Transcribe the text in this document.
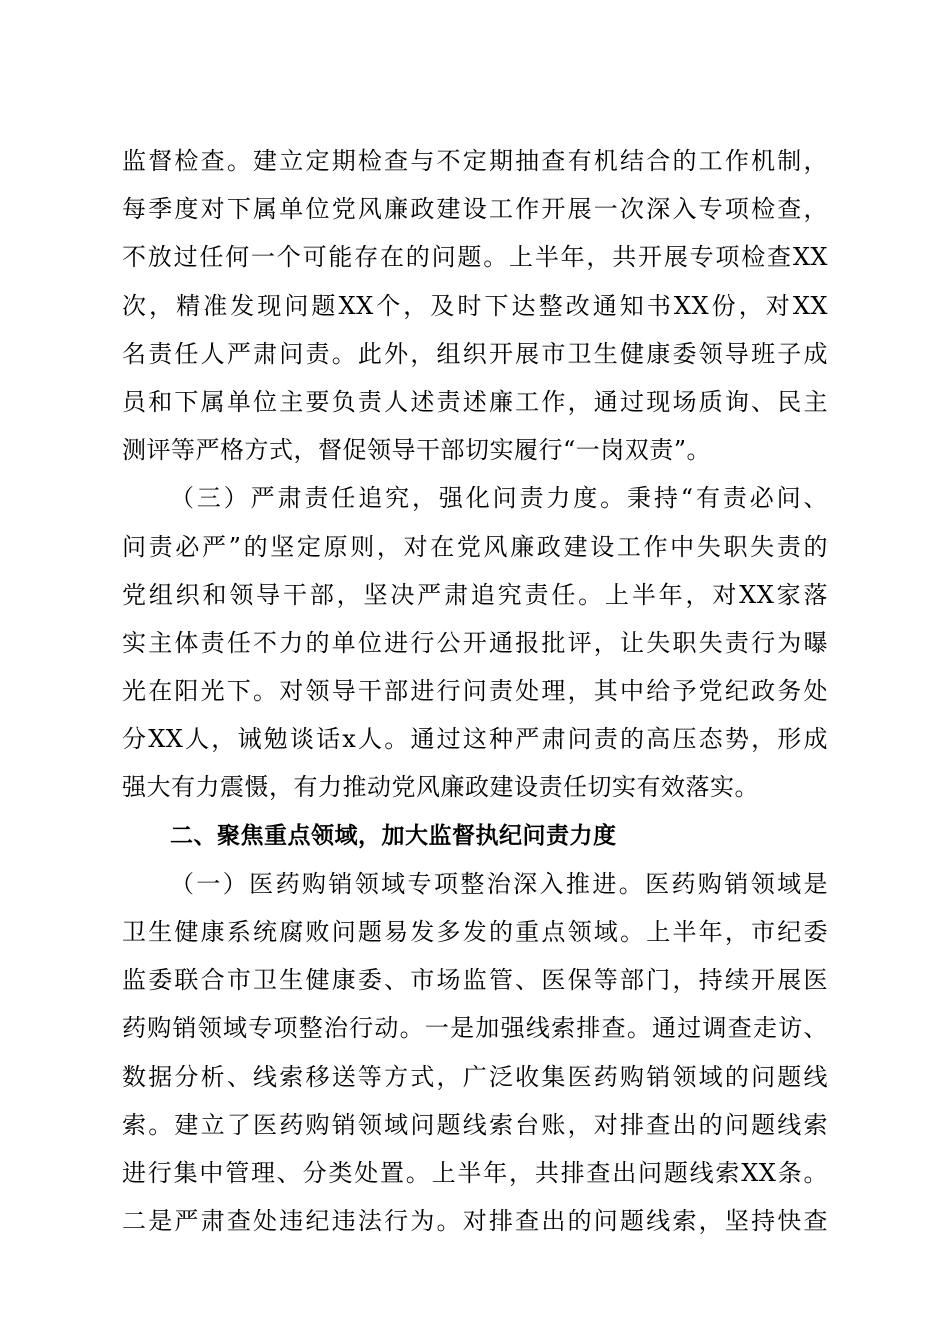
监督检查。建立定期检查与不定期抽查有机结合的工作机制，
每季度对下属单位党风廉政建设工作开展一次深入专项检查，
不放过任何一个可能存在的问题。上半年，共开展专项检查XX
次，精准发现问题XX个，及时下达整改通知书XX份，对XX
名责任人严肃问责。此外，组织开展市卫生健康委领导班子成
员和下属单位主要负责人述责述廉工作，通过现场质询、民主
测评等严格方式，督促领导干部切实履行“一岗双责”。
（三）严肃责任追究，强化问责力度。秉持“有责必问、
问责必严”的坚定原则，对在党风廉政建设工作中失职失责的
党组织和领导干部，坚决严肃追究责任。上半年，对XX家落
实主体责任不力的单位进行公开通报批评，让失职失责行为曝
光在阳光下。对领导干部进行问责处理，其中给予党纪政务处
分XX人，诫勉谈话x人。通过这种严肃问责的高压态势，形成
强大有力震慑，有力推动党风廉政建设责任切实有效落实。
二、聚焦重点领域，加大监督执纪问责力度
（一）医药购销领域专项整治深入推进。医药购销领域是
卫生健康系统腐败问题易发多发的重点领域。上半年，市纪委
监委联合市卫生健康委、市场监管、医保等部门，持续开展医
药购销领域专项整治行动。一是加强线索排查。通过调查走访、
数据分析、线索移送等方式，广泛收集医药购销领域的问题线
索。建立了医药购销领域问题线索台账，对排查出的问题线索
进行集中管理、分类处置。上半年，共排查出问题线索XX条。
二是严肃查处违纪违法行为。对排查出的问题线索，坚持快查
